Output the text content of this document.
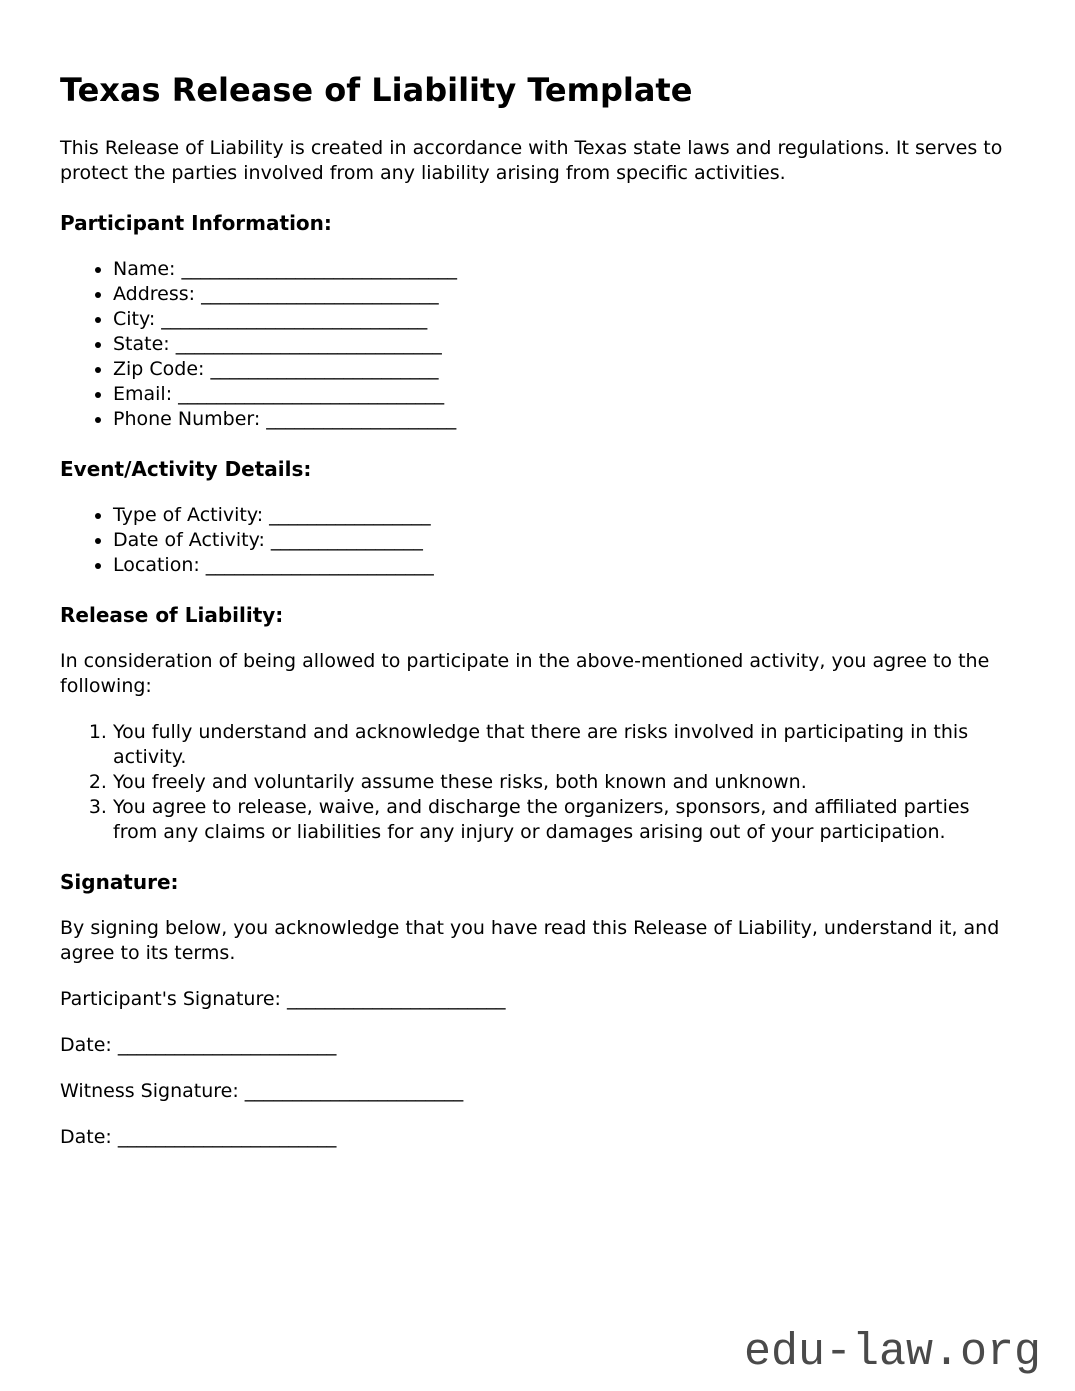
Texas Release of Liability Template

This Release of Liability is created in accordance with Texas state laws and regulations. It serves to protect the parties involved from any liability arising from specific activities.

Participant Information:
• Name: _____________________________
• Address: _________________________
• City: ____________________________
• State: ____________________________
• Zip Code: ________________________
• Email: ____________________________
• Phone Number: ____________________
Event/Activity Details:
• Type of Activity: _________________
• Date of Activity: ________________
• Location: ________________________
Release of Liability:

In consideration of being allowed to participate in the above-mentioned activity, you agree to the following:

1. You fully understand and acknowledge that there are risks involved in participating in this activity.
2. You freely and voluntarily assume these risks, both known and unknown.
3. You agree to release, waive, and discharge the organizers, sponsors, and affiliated parties from any claims or liabilities for any injury or damages arising out of your participation.
Signature:

By signing below, you acknowledge that you have read this Release of Liability, understand it, and agree to its terms.

Participant's Signature: _______________________

Date: _______________________

Witness Signature: _______________________

Date: _______________________

edu-law.org
